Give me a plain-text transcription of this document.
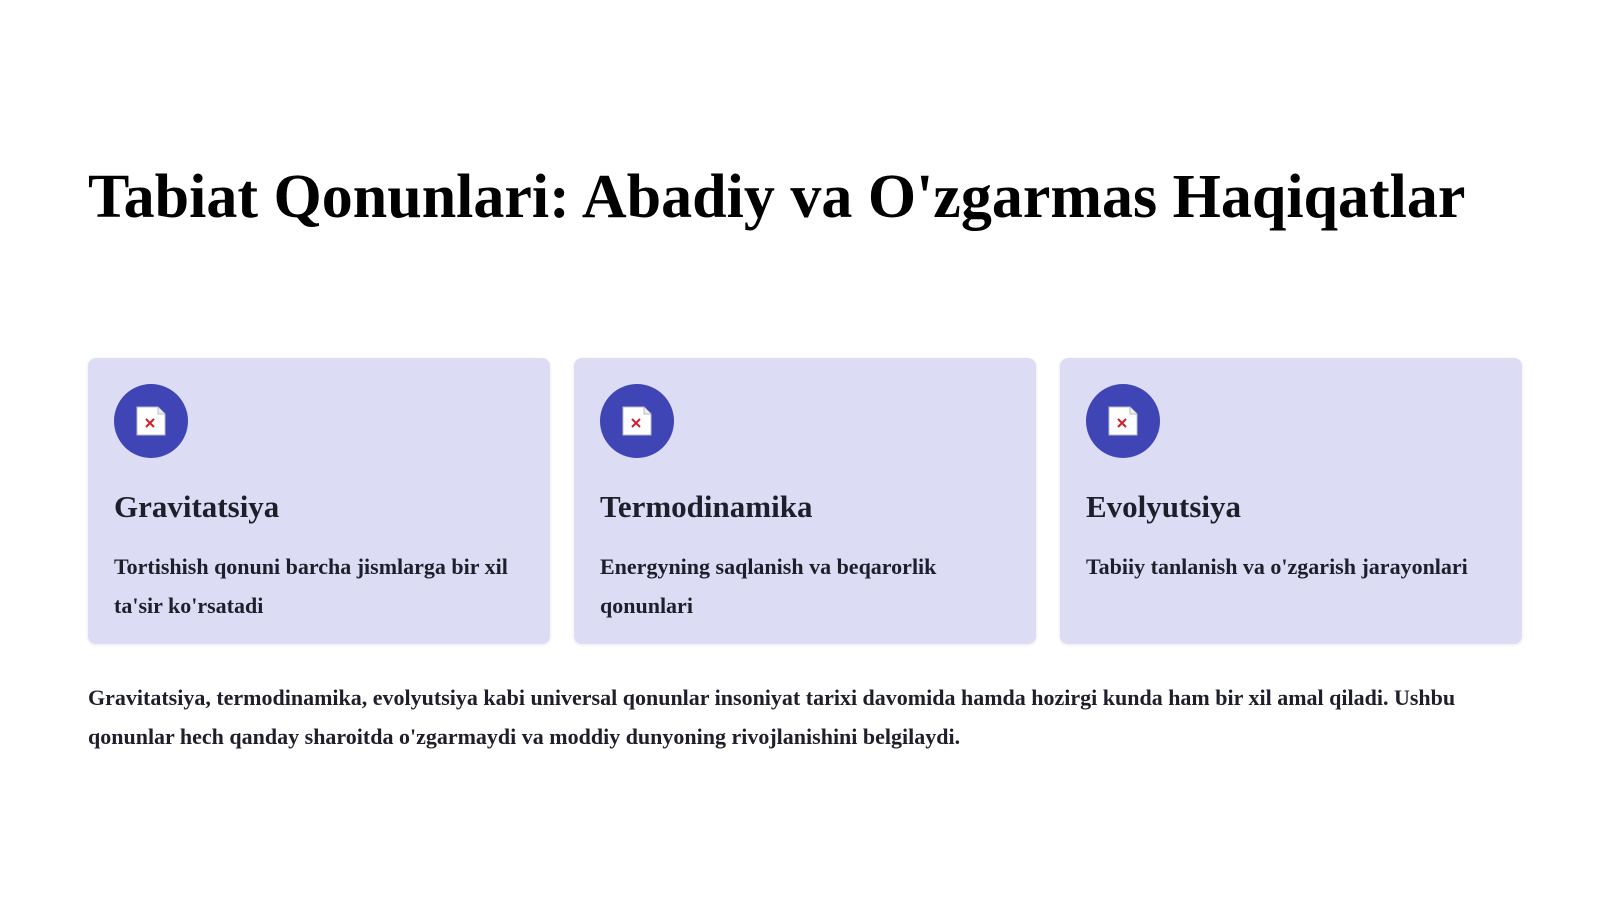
Tabiat Qonunlari: Abadiy va O'zgarmas Haqiqatlar
Gravitatsiya

Tortishish qonuni barcha jismlarga bir xil ta'sir ko'rsatadi

Termodinamika

Energyning saqlanish va beqarorlik qonunlari

Evolyutsiya

Tabiiy tanlanish va o'zgarish jarayonlari

Gravitatsiya, termodinamika, evolyutsiya kabi universal qonunlar insoniyat tarixi davomida hamda hozirgi kunda ham bir xil amal qiladi. Ushbu qonunlar hech qanday sharoitda o'zgarmaydi va moddiy dunyoning rivojlanishini belgilaydi.
